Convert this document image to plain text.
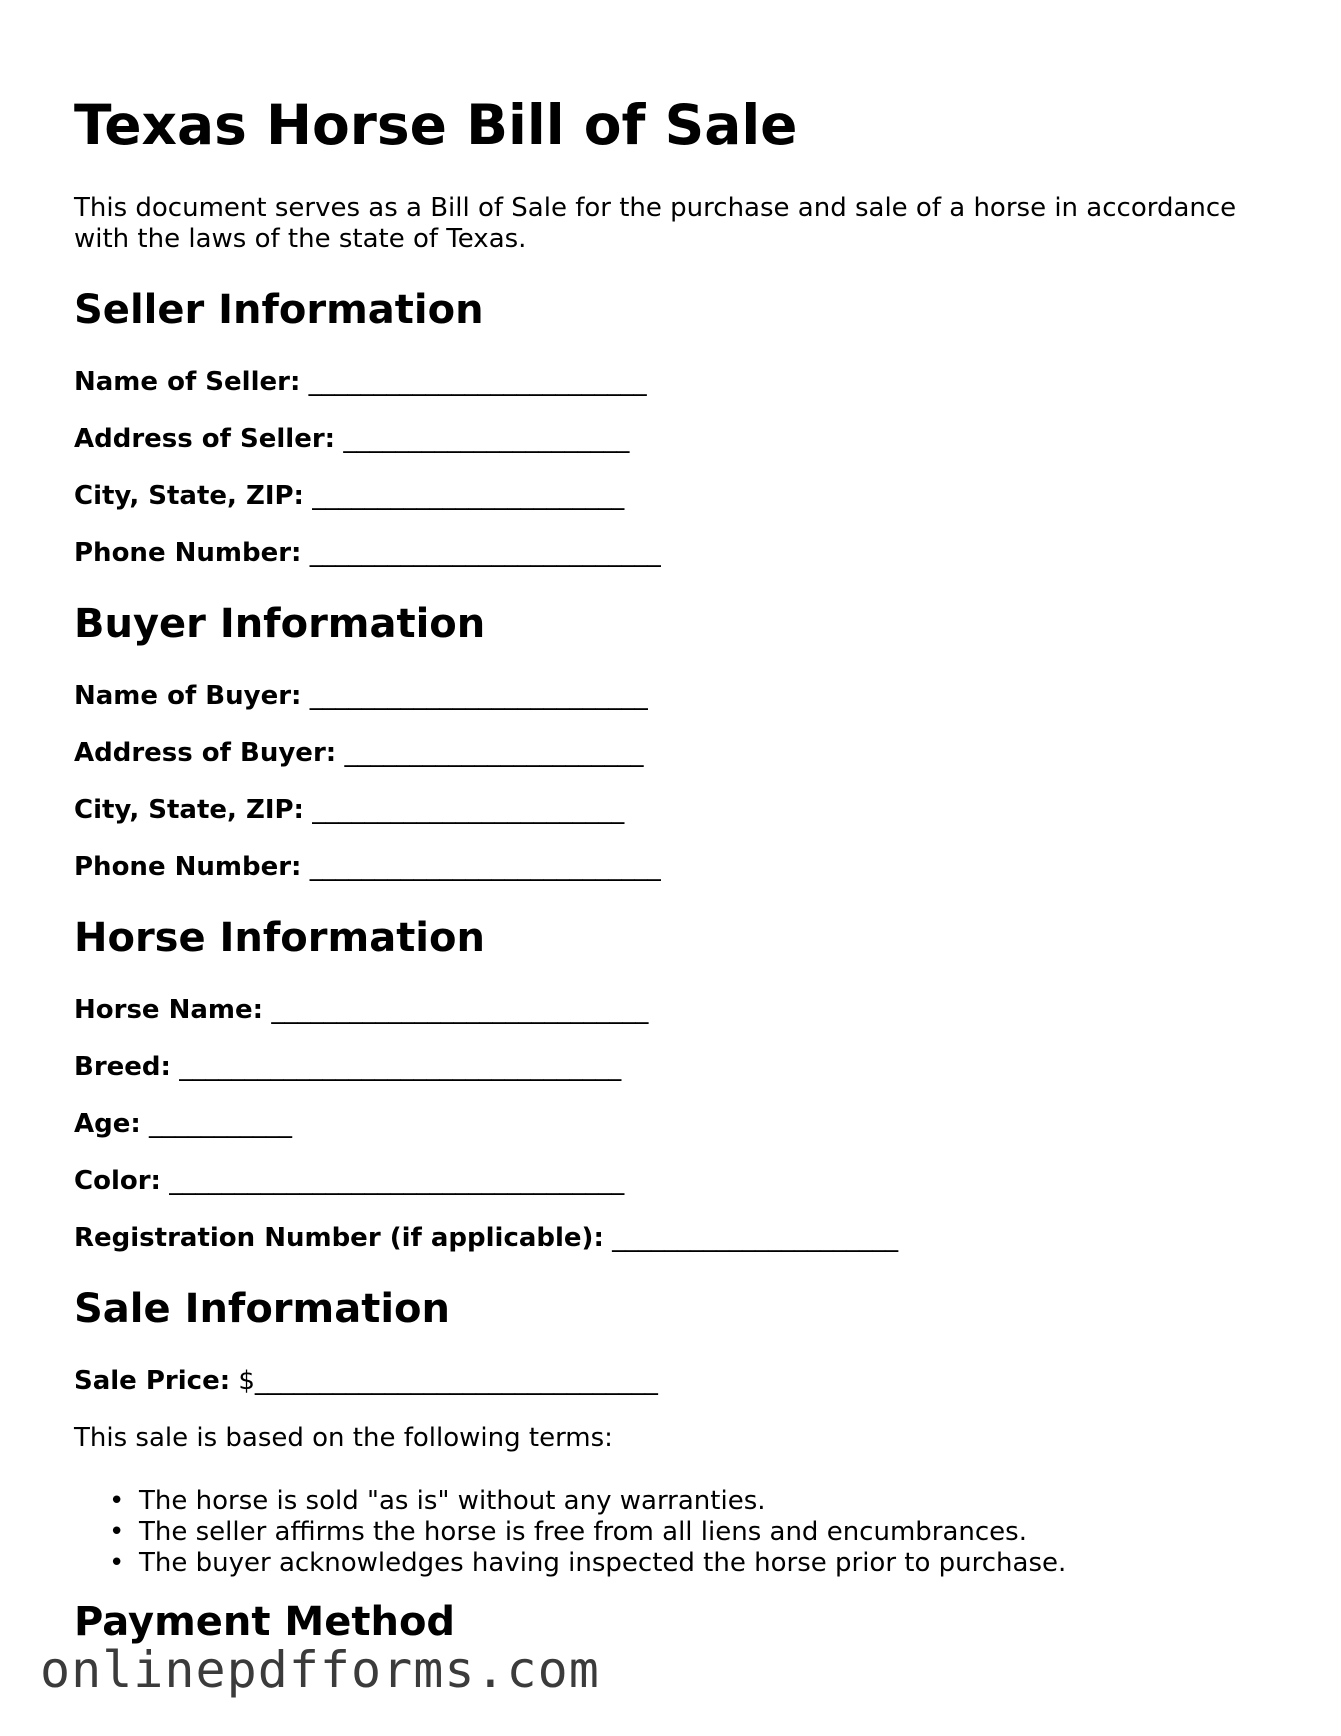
Texas Horse Bill of Sale

This document serves as a Bill of Sale for the purchase and sale of a horse in accordance with the laws of the state of Texas.

Seller Information

Name of Seller: __________________________

Address of Seller: ______________________

City, State, ZIP: ________________________

Phone Number: ___________________________

Buyer Information

Name of Buyer: __________________________

Address of Buyer: _______________________

City, State, ZIP: ________________________

Phone Number: ___________________________

Horse Information

Horse Name: _____________________________

Breed: __________________________________

Age: ___________

Color: ___________________________________

Registration Number (if applicable): ______________________

Sale Information

Sale Price: $_______________________________

This sale is based on the following terms:

• The horse is sold "as is" without any warranties.
• The seller affirms the horse is free from all liens and encumbrances.
• The buyer acknowledges having inspected the horse prior to purchase.
Payment Method
onlinepdfforms.com
